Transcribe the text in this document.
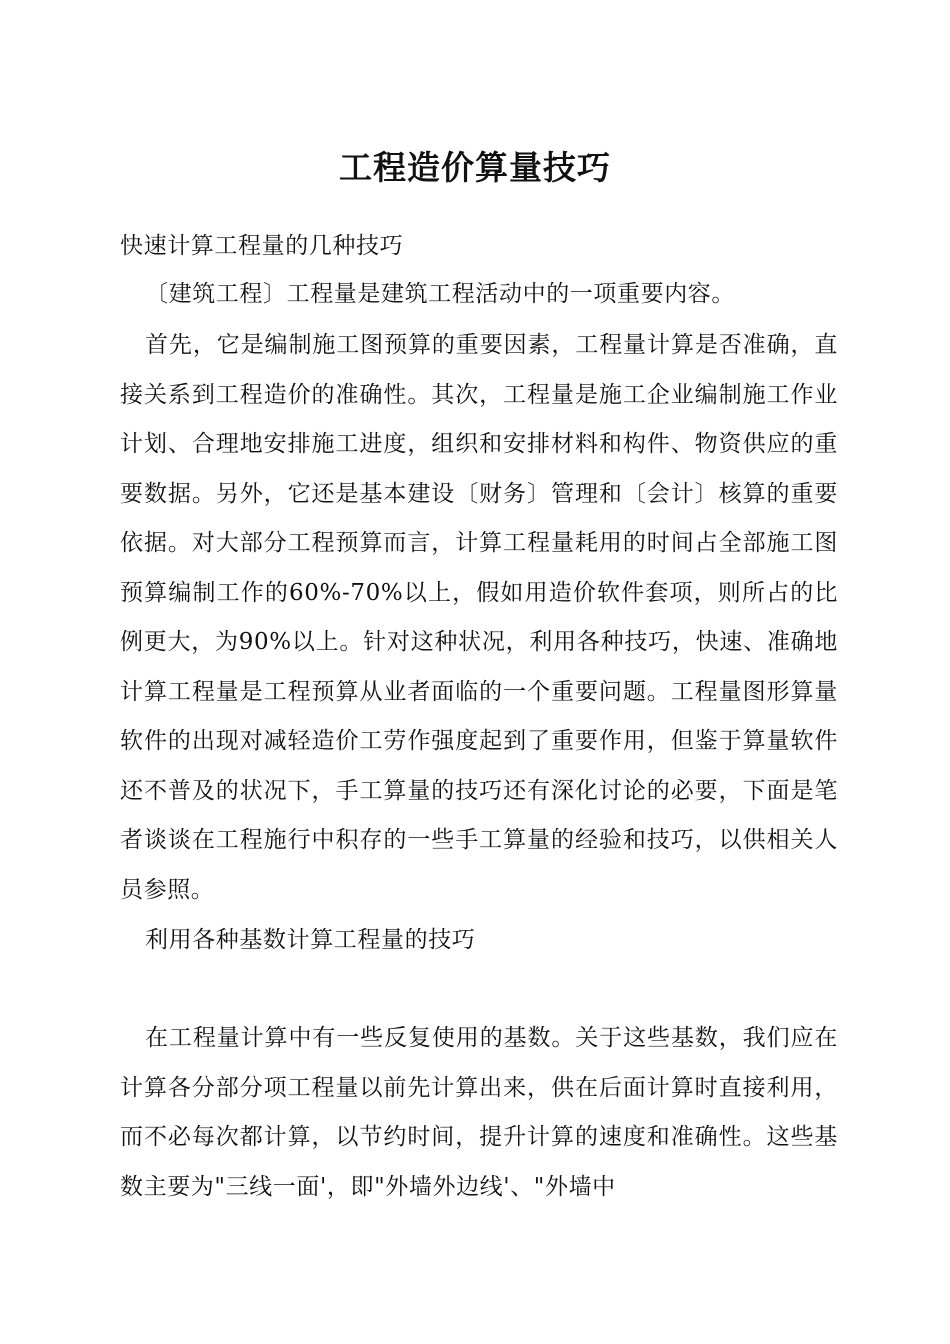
工程造价算量技巧

快速计算工程量的几种技巧

〔建筑工程〕工程量是建筑工程活动中的一项重要内容。

首先，它是编制施工图预算的重要因素，工程量计算是否准确，直接关系到工程造价的准确性。其次，工程量是施工企业编制施工作业计划、合理地安排施工进度，组织和安排材料和构件、物资供应的重要数据。另外，它还是基本建设〔财务〕管理和〔会计〕核算的重要依据。对大部分工程预算而言，计算工程量耗用的时间占全部施工图预算编制工作的60%-70%以上，假如用造价软件套项，则所占的比例更大，为90%以上。针对这种状况，利用各种技巧，快速、准确地计算工程量是工程预算从业者面临的一个重要问题。工程量图形算量软件的出现对减轻造价工劳作强度起到了重要作用，但鉴于算量软件还不普及的状况下，手工算量的技巧还有深化讨论的必要，下面是笔者谈谈在工程施行中积存的一些手工算量的经验和技巧，以供相关人员参照。

利用各种基数计算工程量的技巧

在工程量计算中有一些反复使用的基数。关于这些基数，我们应在计算各分部分项工程量以前先计算出来，供在后面计算时直接利用，而不必每次都计算，以节约时间，提升计算的速度和准确性。这些基数主要为"三线一面'，即"外墙外边线'、"外墙中
